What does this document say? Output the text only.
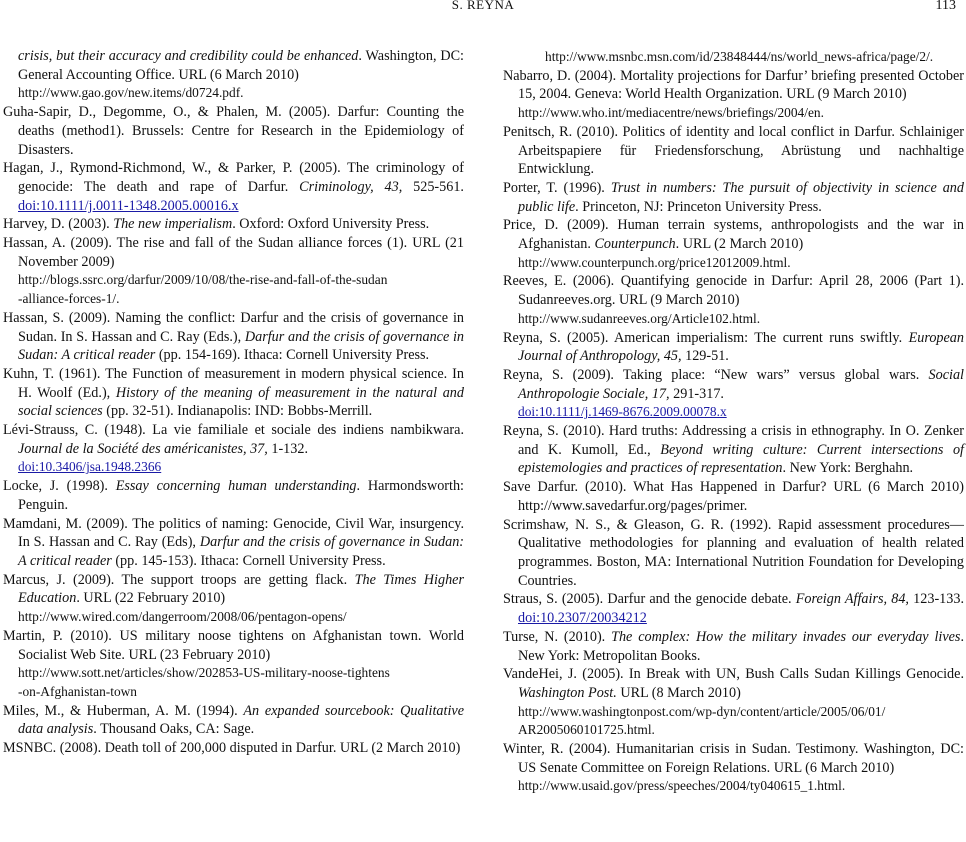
S. REYNA	113
crisis, but their accuracy and credibility could be enhanced. Washington, DC: General Accounting Office. URL (6 March 2010)
http://www.gao.gov/new.items/d0724.pdf.
Guha-Sapir, D., Degomme, O., & Phalen, M. (2005). Darfur: Counting the deaths (method1). Brussels: Centre for Research in the Epidemiology of Disasters.
Hagan, J., Rymond-Richmond, W., & Parker, P. (2005). The criminology of genocide: The death and rape of Darfur. Criminology, 43, 525-561. doi:10.1111/j.0011-1348.2005.00016.x
Harvey, D. (2003). The new imperialism. Oxford: Oxford University Press.
Hassan, A. (2009). The rise and fall of the Sudan alliance forces (1). URL (21 November 2009)
http://blogs.ssrc.org/darfur/2009/10/08/the-rise-and-fall-of-the-sudan
-alliance-forces-1/.
Hassan, S. (2009). Naming the conflict: Darfur and the crisis of governance in Sudan. In S. Hassan and C. Ray (Eds.), Darfur and the crisis of governance in Sudan: A critical reader (pp. 154-169). Ithaca: Cornell University Press.
Kuhn, T. (1961). The Function of measurement in modern physical science. In H. Woolf (Ed.), History of the meaning of measurement in the natural and social sciences (pp. 32-51). Indianapolis: IND: Bobbs-Merrill.
Lévi-Strauss, C. (1948). La vie familiale et sociale des indiens nambikwara. Journal de la Société des américanistes, 37, 1-132.
doi:10.3406/jsa.1948.2366
Locke, J. (1998). Essay concerning human understanding. Harmondsworth: Penguin.
Mamdani, M. (2009). The politics of naming: Genocide, Civil War, insurgency. In S. Hassan and C. Ray (Eds), Darfur and the crisis of governance in Sudan: A critical reader (pp. 145-153). Ithaca: Cornell University Press.
Marcus, J. (2009). The support troops are getting flack. The Times Higher Education. URL (22 February 2010)
http://www.wired.com/dangerroom/2008/06/pentagon-opens/
Martin, P. (2010). US military noose tightens on Afghanistan town. World Socialist Web Site. URL (23 February 2010)
http://www.sott.net/articles/show/202853-US-military-noose-tightens
-on-Afghanistan-town
Miles, M., & Huberman, A. M. (1994). An expanded sourcebook: Qualitative data analysis. Thousand Oaks, CA: Sage.
MSNBC. (2008). Death toll of 200,000 disputed in Darfur. URL (2 March 2010)
http://www.msnbc.msn.com/id/23848444/ns/world_news-africa/page/2/.
Nabarro, D. (2004). Mortality projections for Darfur’ briefing presented October 15, 2004. Geneva: World Health Organization. URL (9 March 2010)
http://www.who.int/mediacentre/news/briefings/2004/en.
Penitsch, R. (2010). Politics of identity and local conflict in Darfur. Schlainiger Arbeitspapiere für Friedensforschung, Abrüstung und nachhaltige Entwicklung.
Porter, T. (1996). Trust in numbers: The pursuit of objectivity in science and public life. Princeton, NJ: Princeton University Press.
Price, D. (2009). Human terrain systems, anthropologists and the war in Afghanistan. Counterpunch. URL (2 March 2010)
http://www.counterpunch.org/price12012009.html.
Reeves, E. (2006). Quantifying genocide in Darfur: April 28, 2006 (Part 1). Sudanreeves.org. URL (9 March 2010)
http://www.sudanreeves.org/Article102.html.
Reyna, S. (2005). American imperialism: The current runs swiftly. European Journal of Anthropology, 45, 129-51.
Reyna, S. (2009). Taking place: “New wars” versus global wars. Social Anthropologie Sociale, 17, 291-317.
doi:10.1111/j.1469-8676.2009.00078.x
Reyna, S. (2010). Hard truths: Addressing a crisis in ethnography. In O. Zenker and K. Kumoll, Ed., Beyond writing culture: Current intersections of epistemologies and practices of representation. New York: Berghahn.
Save Darfur. (2010). What Has Happened in Darfur? URL (6 March 2010) http://www.savedarfur.org/pages/primer.
Scrimshaw, N. S., & Gleason, G. R. (1992). Rapid assessment procedures—Qualitative methodologies for planning and evaluation of health related programmes. Boston, MA: International Nutrition Foundation for Developing Countries.
Straus, S. (2005). Darfur and the genocide debate. Foreign Affairs, 84, 123-133. doi:10.2307/20034212
Turse, N. (2010). The complex: How the military invades our everyday lives. New York: Metropolitan Books.
VandeHei, J. (2005). In Break with UN, Bush Calls Sudan Killings Genocide. Washington Post. URL (8 March 2010)
http://www.washingtonpost.com/wp-dyn/content/article/2005/06/01/
AR2005060101725.html.
Winter, R. (2004). Humanitarian crisis in Sudan. Testimony. Washington, DC: US Senate Committee on Foreign Relations. URL (6 March 2010)
http://www.usaid.gov/press/speeches/2004/ty040615_1.html.
